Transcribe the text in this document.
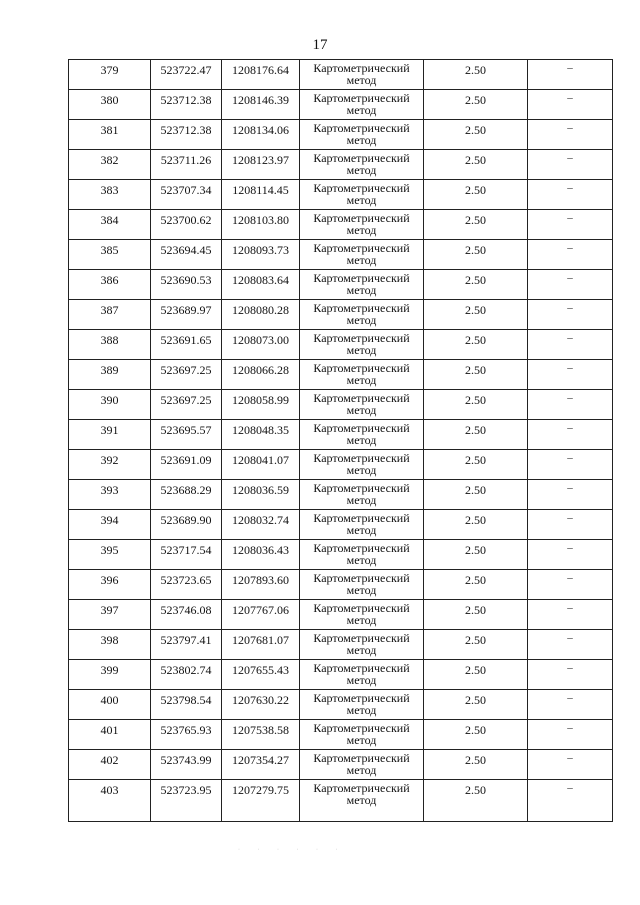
17
379	523722.47	1208176.64	Картометрический метод	2.50	–

380	523712.38	1208146.39	Картометрический метод	2.50	–

381	523712.38	1208134.06	Картометрический метод	2.50	–

382	523711.26	1208123.97	Картометрический метод	2.50	–

383	523707.34	1208114.45	Картометрический метод	2.50	–

384	523700.62	1208103.80	Картометрический метод	2.50	–

385	523694.45	1208093.73	Картометрический метод	2.50	–

386	523690.53	1208083.64	Картометрический метод	2.50	–

387	523689.97	1208080.28	Картометрический метод	2.50	–

388	523691.65	1208073.00	Картометрический метод	2.50	–

389	523697.25	1208066.28	Картометрический метод	2.50	–

390	523697.25	1208058.99	Картометрический метод	2.50	–

391	523695.57	1208048.35	Картометрический метод	2.50	–

392	523691.09	1208041.07	Картометрический метод	2.50	–

393	523688.29	1208036.59	Картометрический метод	2.50	–

394	523689.90	1208032.74	Картометрический метод	2.50	–

395	523717.54	1208036.43	Картометрический метод	2.50	–

396	523723.65	1207893.60	Картометрический метод	2.50	–

397	523746.08	1207767.06	Картометрический метод	2.50	–

398	523797.41	1207681.07	Картометрический метод	2.50	–

399	523802.74	1207655.43	Картометрический метод	2.50	–

400	523798.54	1207630.22	Картометрический метод	2.50	–

401	523765.93	1207538.58	Картометрический метод	2.50	–

402	523743.99	1207354.27	Картометрический метод	2.50	–

403	523723.95	1207279.75	Картометрический метод	2.50	–
· · · · · ·
